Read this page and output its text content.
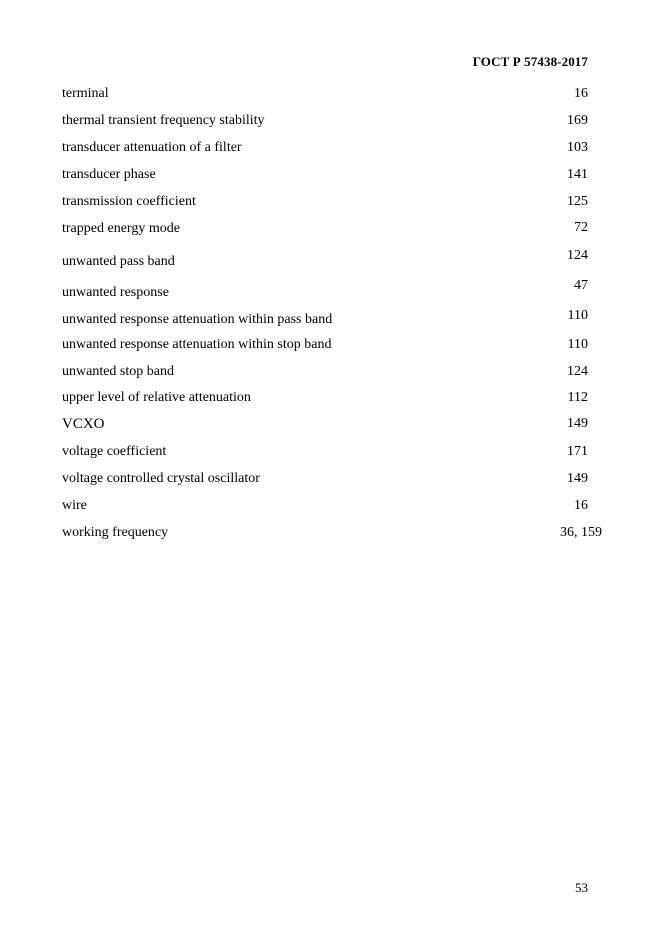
ГОСТ Р 57438-2017
terminal	16
thermal transient frequency stability	169
transducer attenuation of a filter	103
transducer phase	141
transmission coefficient	125
trapped energy mode	72
unwanted pass band	124
unwanted response	47
unwanted response attenuation within pass band	110
unwanted response attenuation within stop band	110
unwanted stop band	124
upper level of relative attenuation	112
VCXO	149
voltage coefficient	171
voltage controlled crystal oscillator	149
wire	16
working frequency	36, 159
53
